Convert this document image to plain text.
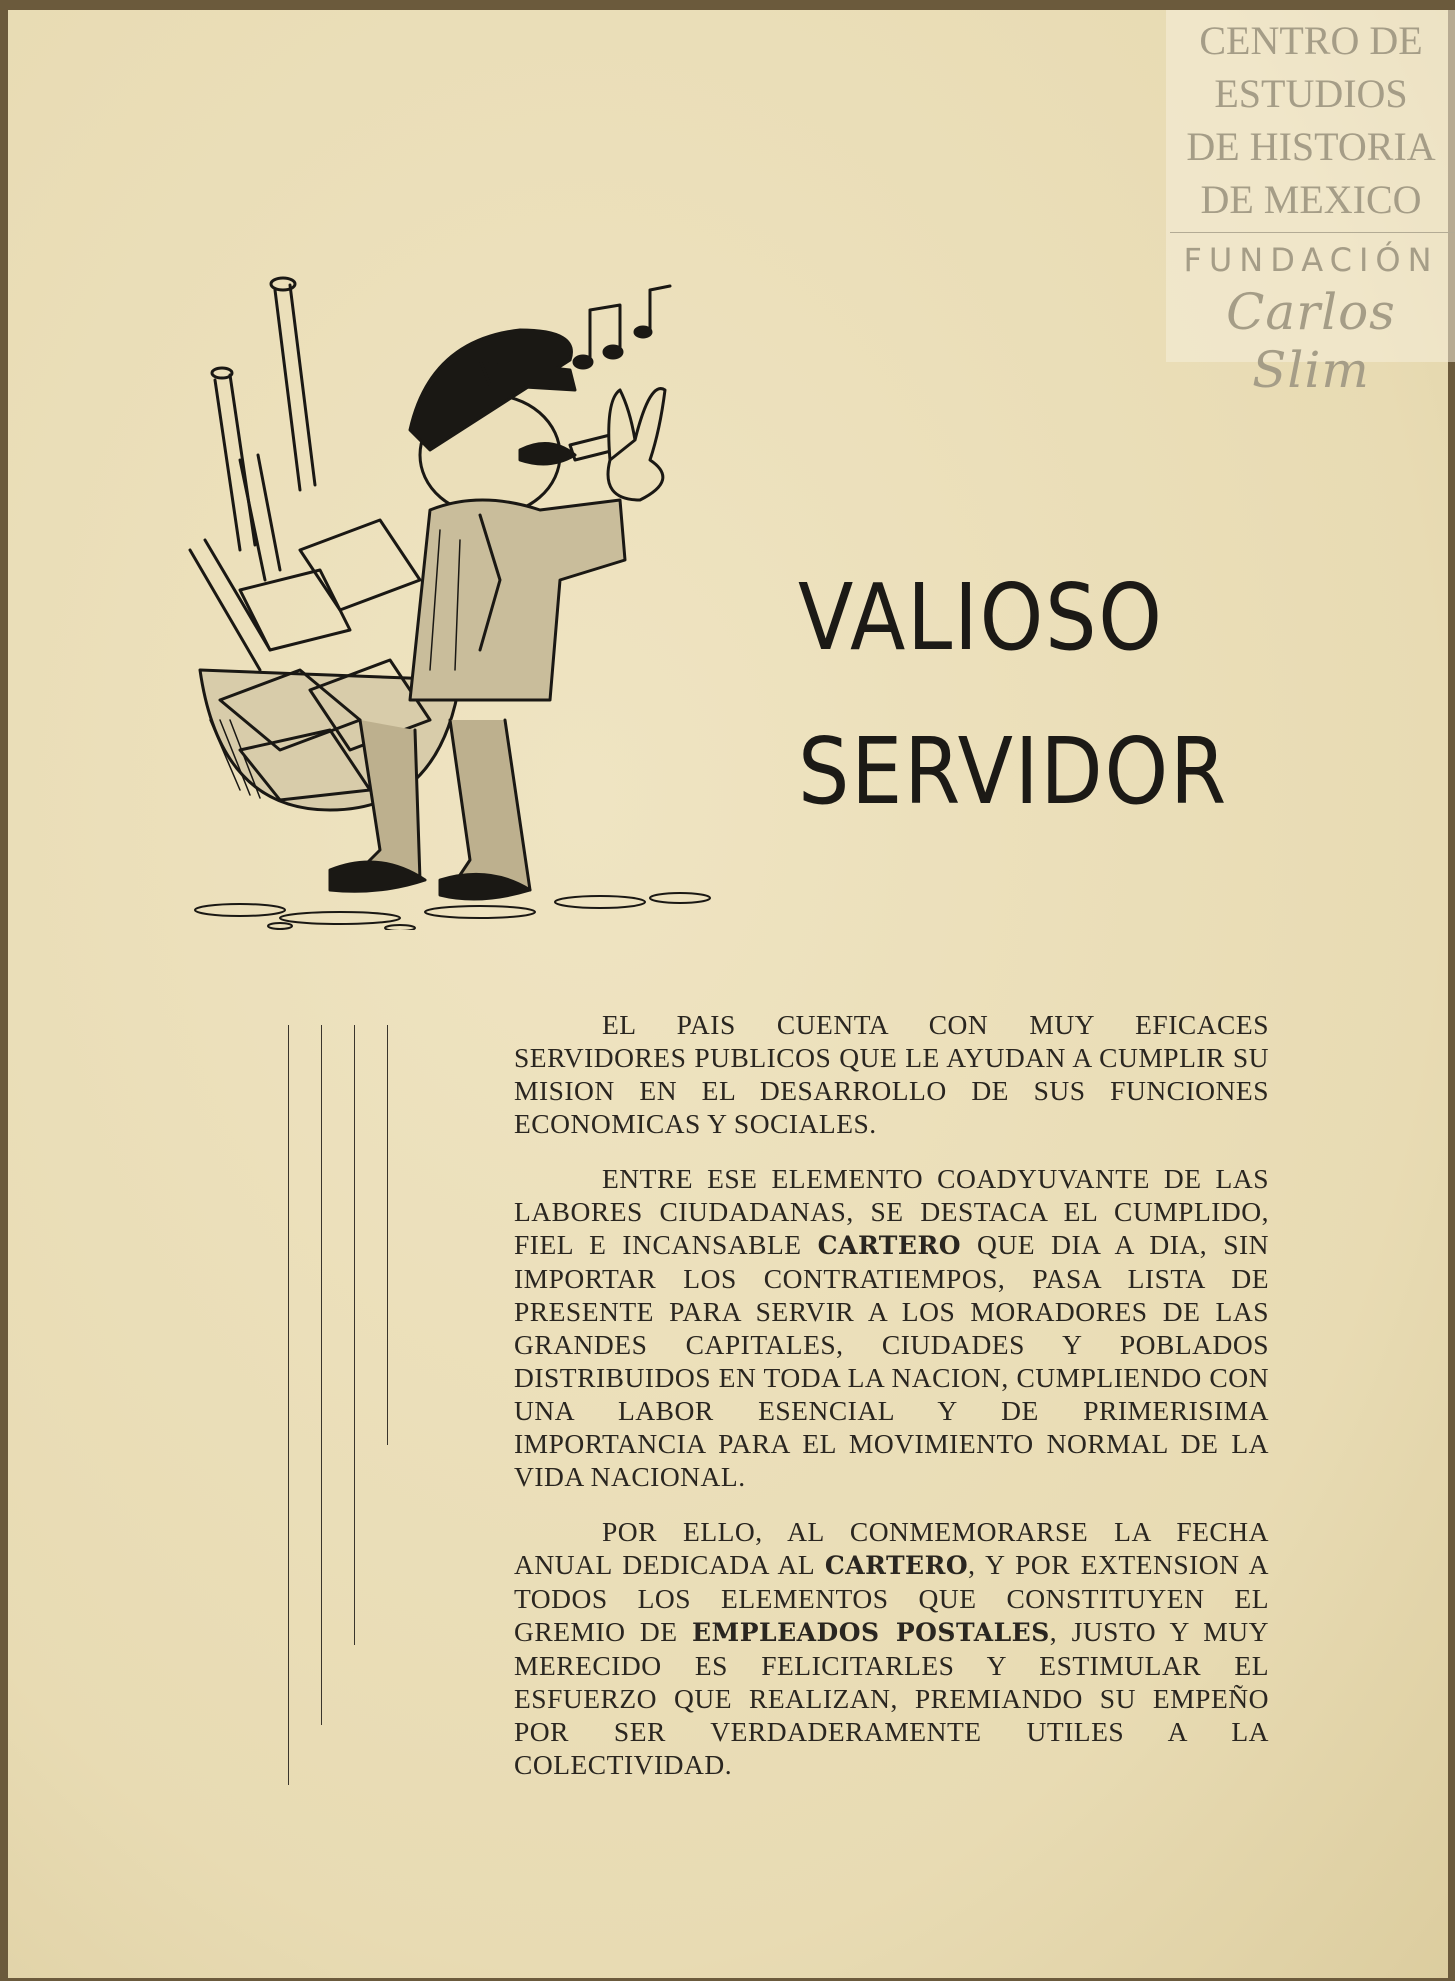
CENTRO DE
ESTUDIOS
DE HISTORIA
DE MEXICO
FUNDACIÓN
Carlos Slim
VALIOSO
SERVIDOR

EL PAIS CUENTA CON MUY EFICACES SERVIDORES PUBLICOS QUE LE AYUDAN A CUMPLIR SU MISION EN EL DESARROLLO DE SUS FUNCIONES ECONOMICAS Y SOCIALES.

ENTRE ESE ELEMENTO COADYUVANTE DE LAS LABORES CIUDADANAS, SE DESTACA EL CUMPLIDO, FIEL E INCANSABLE CARTERO QUE DIA A DIA, SIN IMPORTAR LOS CONTRATIEMPOS, PASA LISTA DE PRESENTE PARA SERVIR A LOS MORADORES DE LAS GRANDES CAPITALES, CIUDADES Y POBLADOS DISTRIBUIDOS EN TODA LA NACION, CUMPLIENDO CON UNA LABOR ESENCIAL Y DE PRIMERISIMA IMPORTANCIA PARA EL MOVIMIENTO NORMAL DE LA VIDA NACIONAL.

POR ELLO, AL CONMEMORARSE LA FECHA ANUAL DEDICADA AL CARTERO, Y POR EXTENSION A TODOS LOS ELEMENTOS QUE CONSTITUYEN EL GREMIO DE EMPLEADOS POSTALES, JUSTO Y MUY MERECIDO ES FELICITARLES Y ESTIMULAR EL ESFUERZO QUE REALIZAN, PREMIANDO SU EMPEÑO POR SER VERDADERAMENTE UTILES A LA COLECTIVIDAD.
